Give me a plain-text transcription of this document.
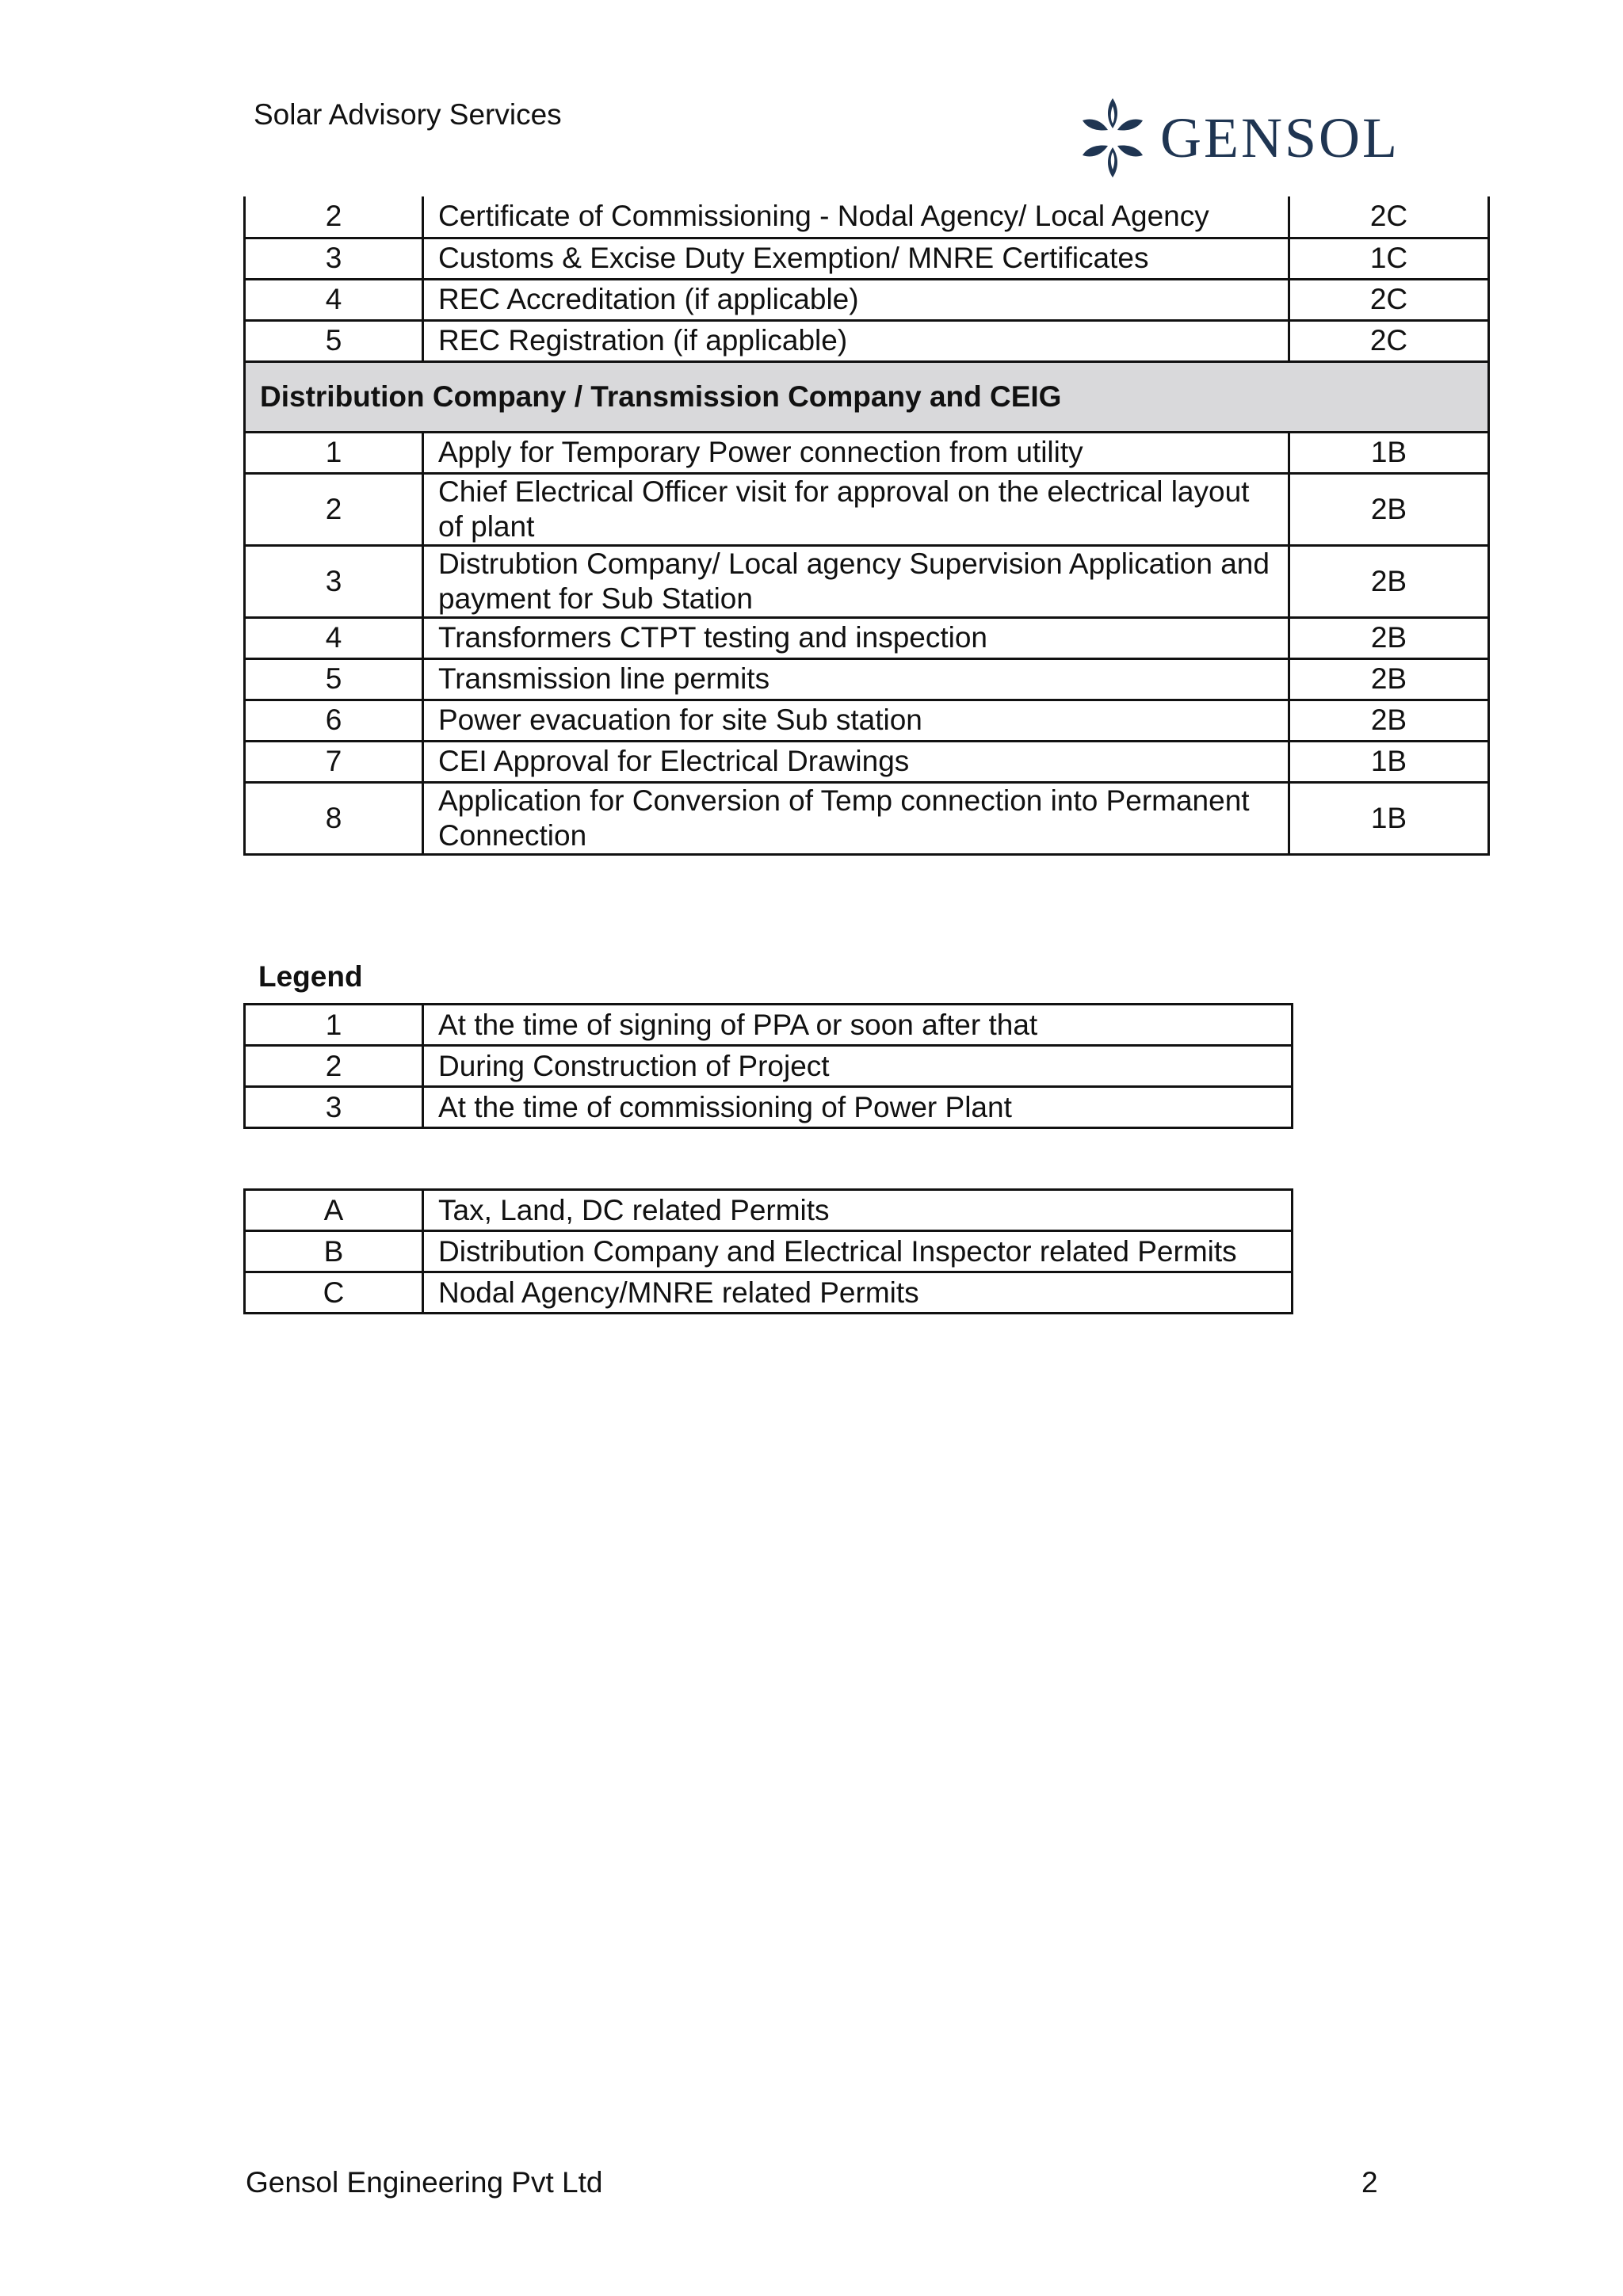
Solar Advisory Services	GENSOL
2	Certificate of Commissioning - Nodal Agency/ Local Agency	2C
3	Customs & Excise Duty Exemption/ MNRE Certificates	1C
4	REC Accreditation (if applicable)	2C
5	REC Registration (if applicable)	2C
Distribution Company / Transmission Company and CEIG		
1	Apply for Temporary Power connection from utility	1B
2	Chief Electrical Officer visit for approval on the electrical layout of plant	2B
3	Distrubtion Company/ Local agency Supervision Application and payment for Sub Station	2B
4	Transformers CTPT testing and inspection	2B
5	Transmission line permits	2B
6	Power evacuation for site Sub station	2B
7	CEI Approval for Electrical Drawings	1B
8	Application for Conversion of Temp connection into Permanent Connection	1B
Legend
1	At the time of signing of PPA or soon after that
2	During Construction of Project
3	At the time of commissioning of Power Plant
A	Tax, Land, DC related Permits
B	Distribution Company and Electrical Inspector related Permits
C	Nodal Agency/MNRE related Permits
Gensol Engineering Pvt Ltd	2
